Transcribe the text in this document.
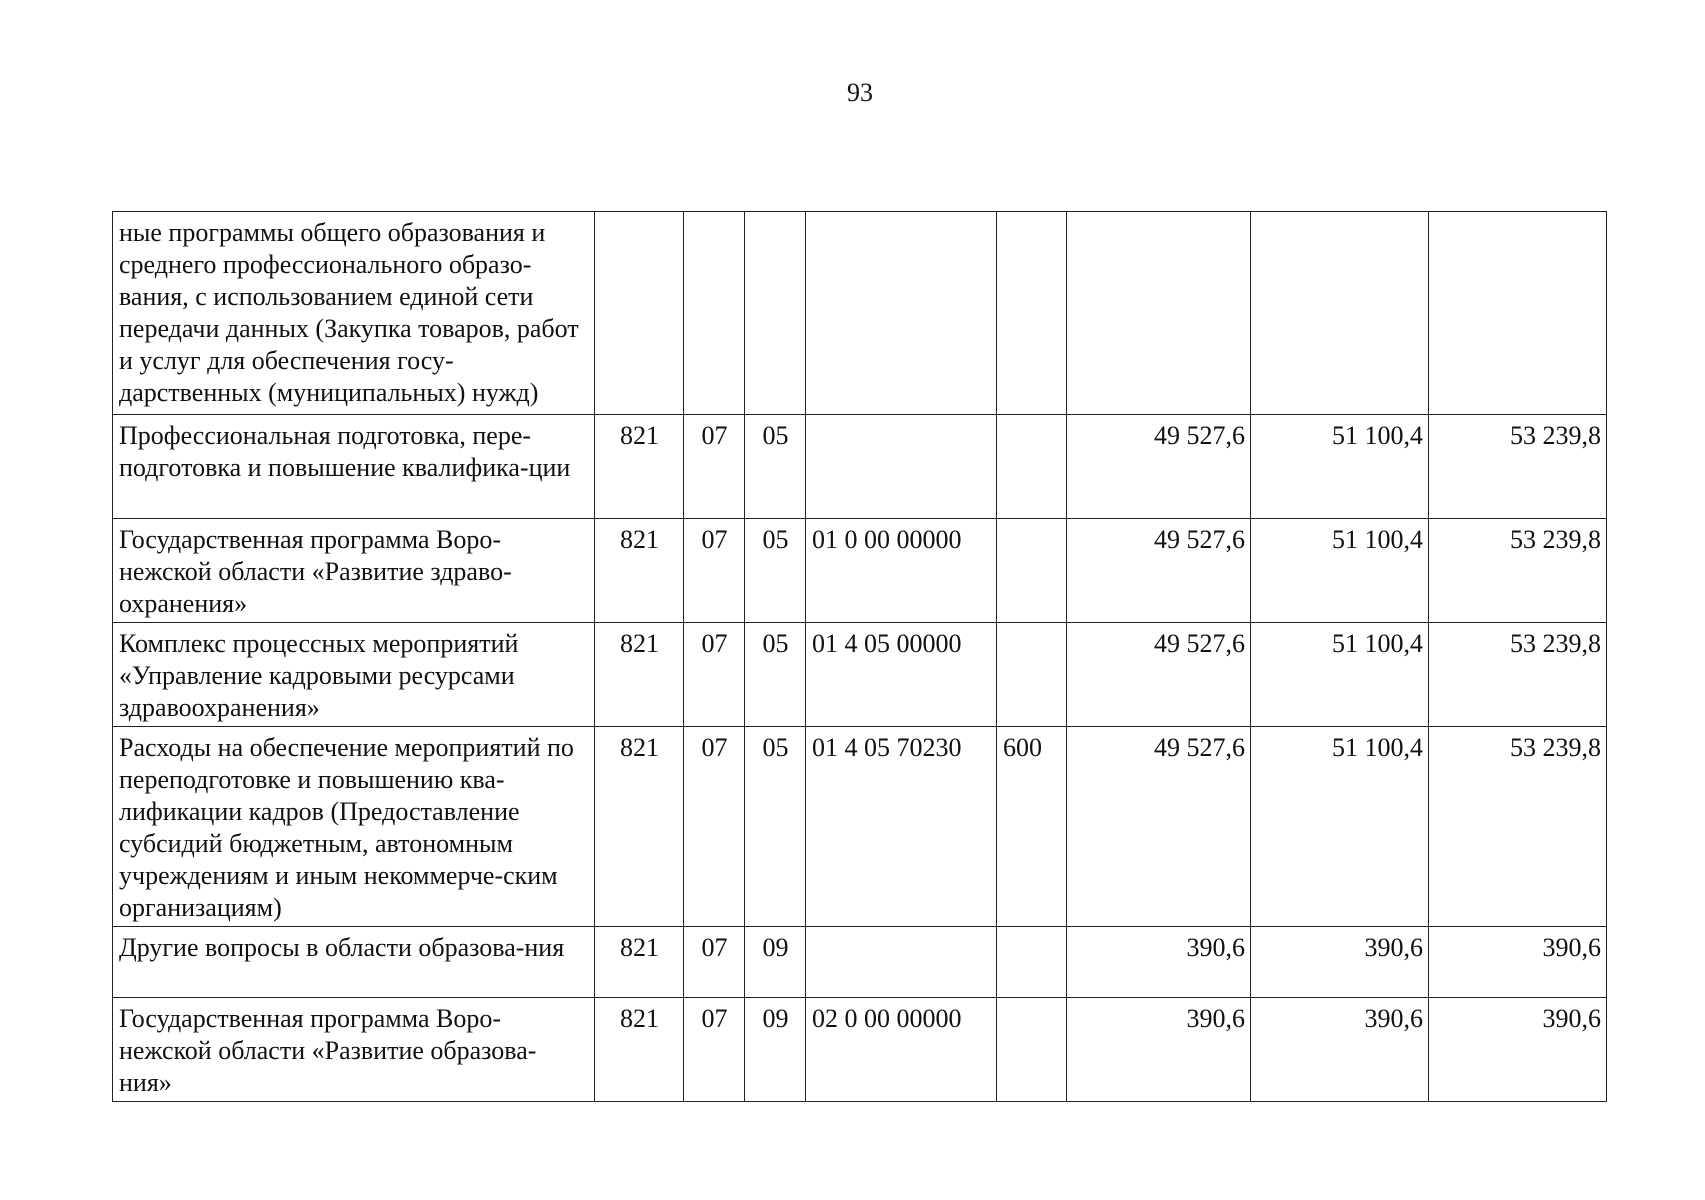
93
ные программы общего образования и среднего профессионального образо-вания, с использованием единой сети передачи данных (Закупка товаров, работ и услуг для обеспечения госу-дарственных (муниципальных) нужд)								
Профессиональная подготовка, пере-подготовка и повышение квалифика-ции	821	07	05			49 527,6	51 100,4	53 239,8
Государственная программа Воро-нежской области «Развитие здраво-охранения»	821	07	05	01 0 00 00000		49 527,6	51 100,4	53 239,8
Комплекс процессных мероприятий «Управление кадровыми ресурсами здравоохранения»	821	07	05	01 4 05 00000		49 527,6	51 100,4	53 239,8
Расходы на обеспечение мероприятий по переподготовке и повышению ква-лификации кадров (Предоставление субсидий бюджетным, автономным учреждениям и иным некоммерче-ским организациям)	821	07	05	01 4 05 70230	600	49 527,6	51 100,4	53 239,8
Другие вопросы в области образова-ния	821	07	09			390,6	390,6	390,6
Государственная программа Воро-нежской области «Развитие образова-ния»	821	07	09	02 0 00 00000		390,6	390,6	390,6
